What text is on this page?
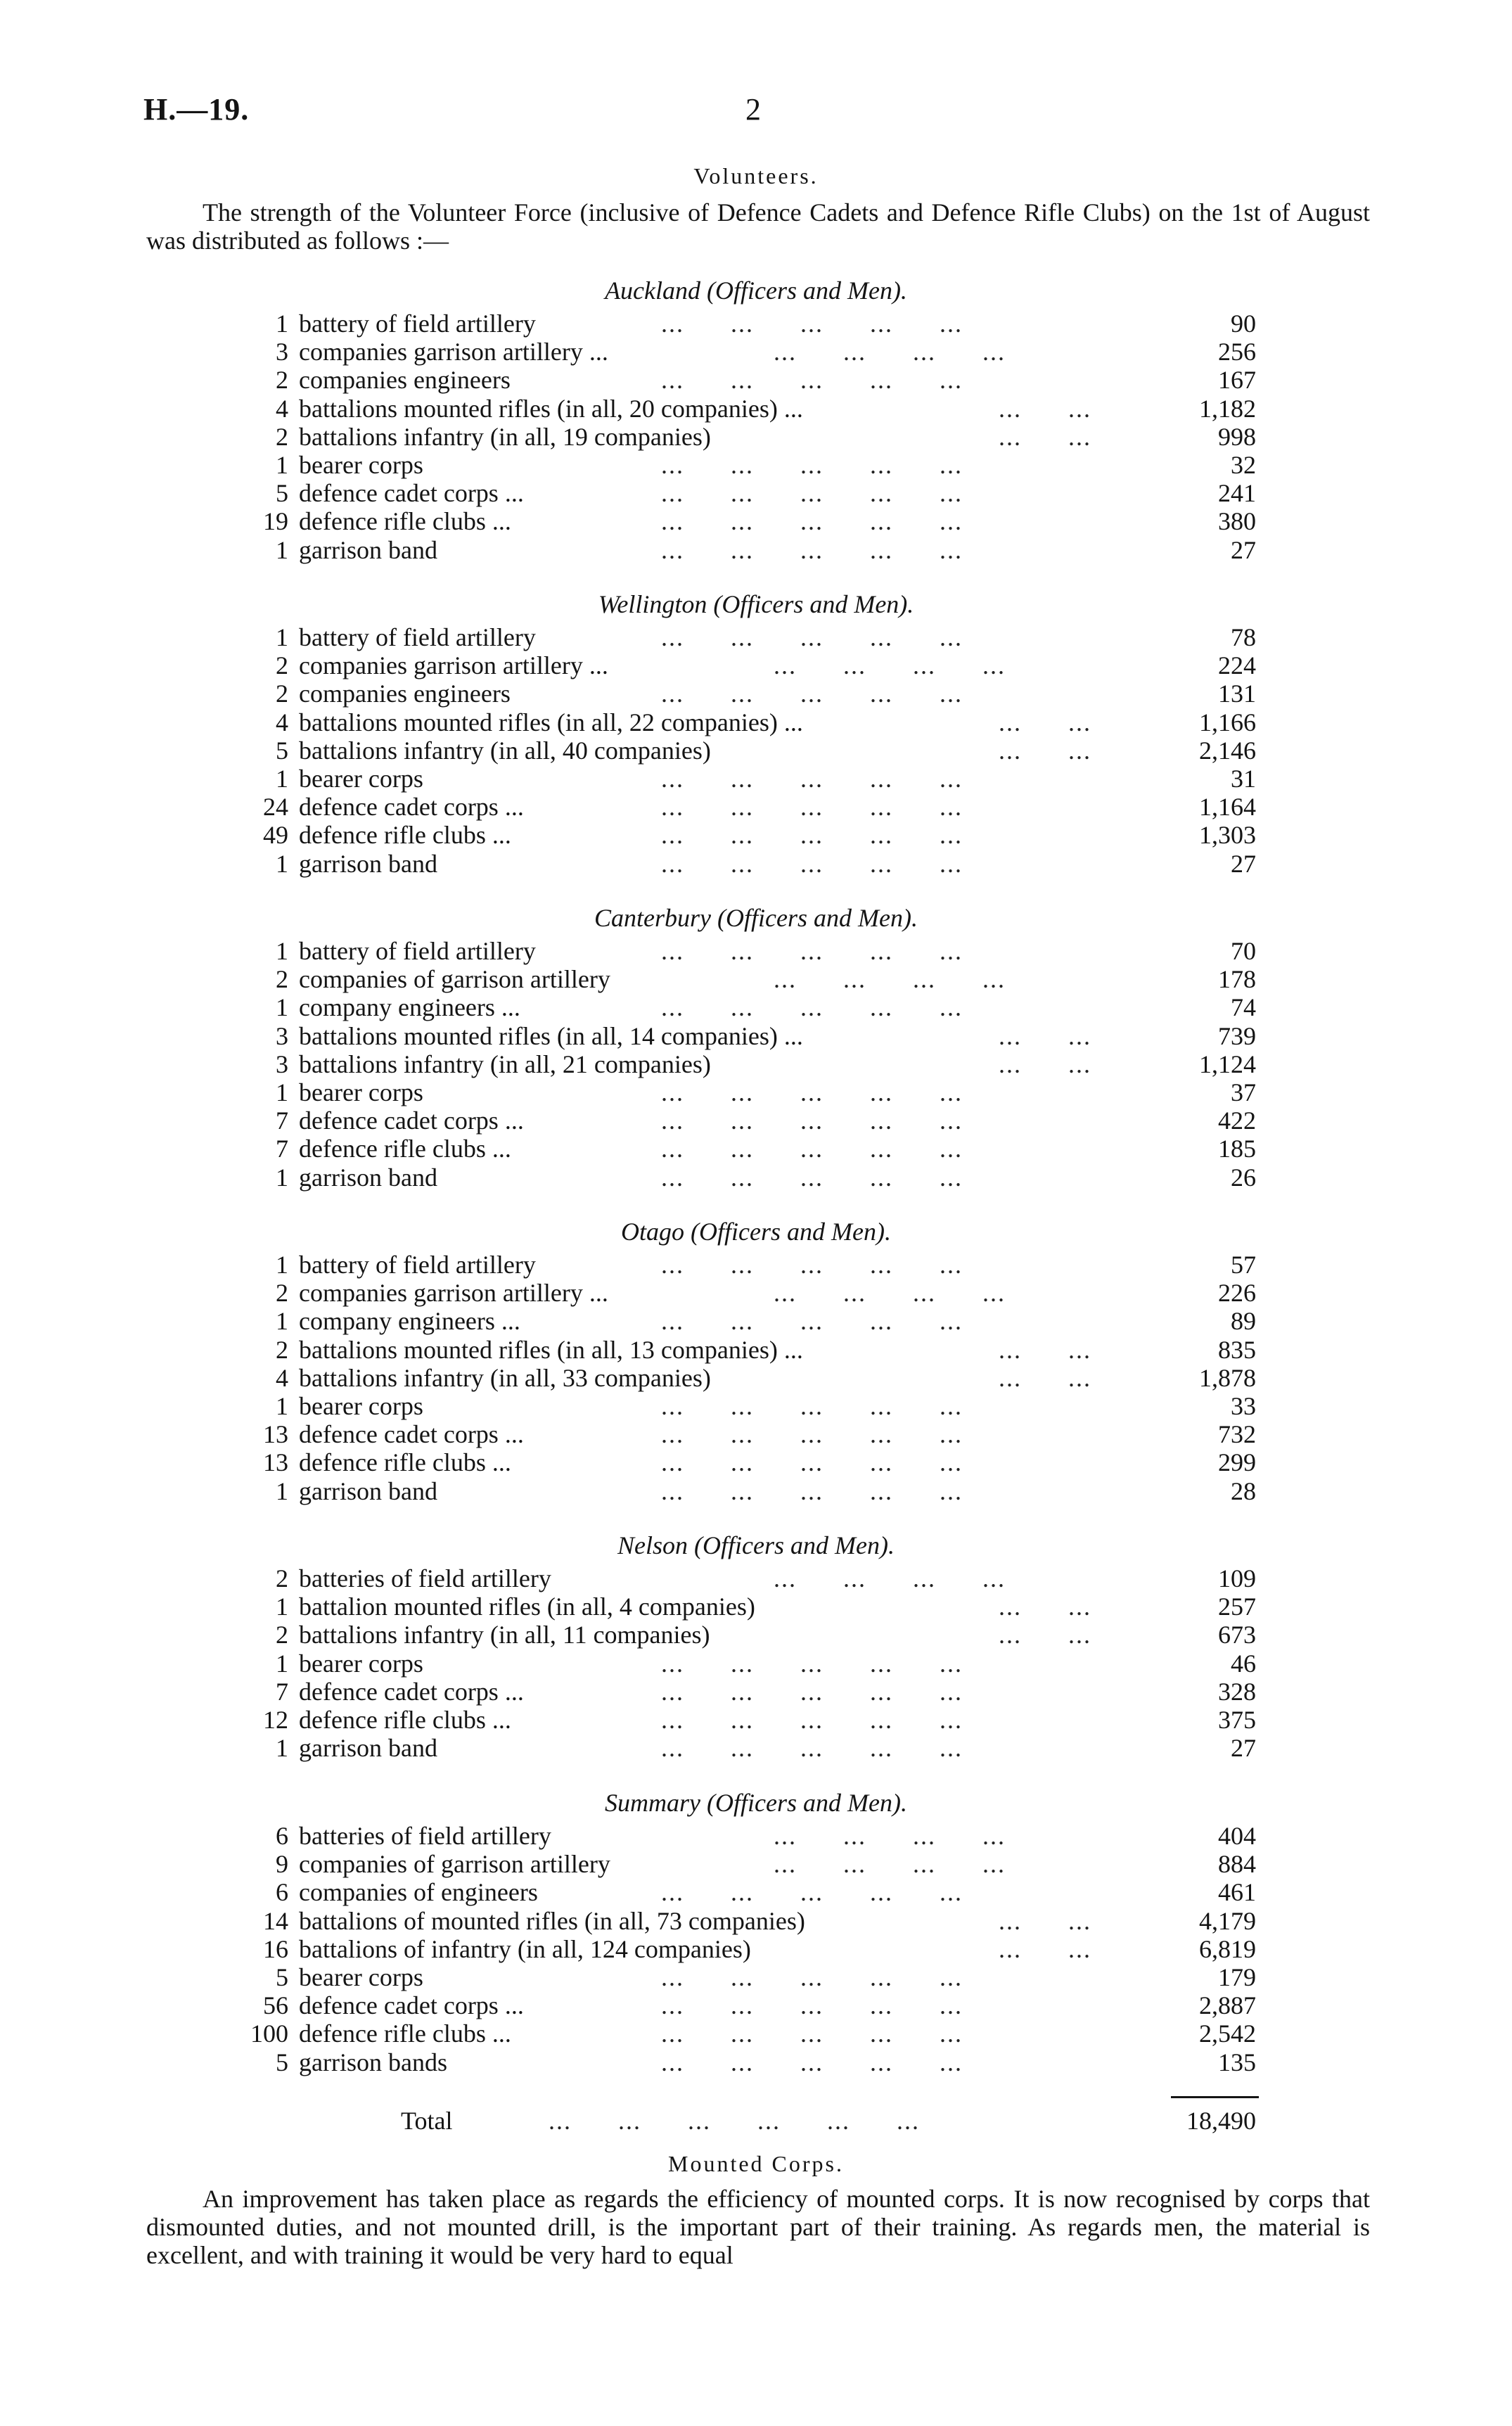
H.—19.	2
Volunteers.
The strength of the Volunteer Force (inclusive of Defence Cadets and Defence Rifle Clubs) on the 1st of August was distributed as follows :—
Auckland (Officers and Men).
1 battery of field artillery	...      ...      ...      ...      ...	90
3 companies garrison artillery ...	...      ...      ...      ...	256
2 companies engineers	...      ...      ...      ...      ...	167
4 battalions mounted rifles (in all, 20 companies) ...	...      ...	1,182
2 battalions infantry (in all, 19 companies)	...      ...	998
1 bearer corps	...      ...      ...      ...      ...	32
5 defence cadet corps ...	...      ...      ...      ...      ...	241
19 defence rifle clubs ...	...      ...      ...      ...      ...	380
1 garrison band	...      ...      ...      ...      ...	27
Wellington (Officers and Men).
1 battery of field artillery	...      ...      ...      ...      ...	78
2 companies garrison artillery ...	...      ...      ...      ...	224
2 companies engineers	...      ...      ...      ...      ...	131
4 battalions mounted rifles (in all, 22 companies) ...	...      ...	1,166
5 battalions infantry (in all, 40 companies)	...      ...	2,146
1 bearer corps	...      ...      ...      ...      ...	31
24 defence cadet corps ...	...      ...      ...      ...      ...	1,164
49 defence rifle clubs ...	...      ...      ...      ...      ...	1,303
1 garrison band	...      ...      ...      ...      ...	27
Canterbury (Officers and Men).
1 battery of field artillery	...      ...      ...      ...      ...	70
2 companies of garrison artillery	...      ...      ...      ...	178
1 company engineers ...	...      ...      ...      ...      ...	74
3 battalions mounted rifles (in all, 14 companies) ...	...      ...	739
3 battalions infantry (in all, 21 companies)	...      ...	1,124
1 bearer corps	...      ...      ...      ...      ...	37
7 defence cadet corps ...	...      ...      ...      ...      ...	422
7 defence rifle clubs ...	...      ...      ...      ...      ...	185
1 garrison band	...      ...      ...      ...      ...	26
Otago (Officers and Men).
1 battery of field artillery	...      ...      ...      ...      ...	57
2 companies garrison artillery ...	...      ...      ...      ...	226
1 company engineers ...	...      ...      ...      ...      ...	89
2 battalions mounted rifles (in all, 13 companies) ...	...      ...	835
4 battalions infantry (in all, 33 companies)	...      ...	1,878
1 bearer corps	...      ...      ...      ...      ...	33
13 defence cadet corps ...	...      ...      ...      ...      ...	732
13 defence rifle clubs ...	...      ...      ...      ...      ...	299
1 garrison band	...      ...      ...      ...      ...	28
Nelson (Officers and Men).
2 batteries of field artillery	...      ...      ...      ...	109
1 battalion mounted rifles (in all, 4 companies)	...      ...	257
2 battalions infantry (in all, 11 companies)	...      ...	673
1 bearer corps	...      ...      ...      ...      ...	46
7 defence cadet corps ...	...      ...      ...      ...      ...	328
12 defence rifle clubs ...	...      ...      ...      ...      ...	375
1 garrison band	...      ...      ...      ...      ...	27
Summary (Officers and Men).
6 batteries of field artillery	...      ...      ...      ...	404
9 companies of garrison artillery	...      ...      ...      ...	884
6 companies of engineers	...      ...      ...      ...      ...	461
14 battalions of mounted rifles (in all, 73 companies)	...      ...	4,179
16 battalions of infantry (in all, 124 companies)	...      ...	6,819
5 bearer corps	...      ...      ...      ...      ...	179
56 defence cadet corps ...	...      ...      ...      ...      ...	2,887
100 defence rifle clubs ...	...      ...      ...      ...      ...	2,542
5 garrison bands	...      ...      ...      ...      ...	135
Total	...      ...      ...      ...      ...      ...	18,490
Mounted Corps.
An improvement has taken place as regards the efficiency of mounted corps. It is now recognised by corps that dismounted duties, and not mounted drill, is the important part of their training. As regards men, the material is excellent, and with training it would be very hard to equal
